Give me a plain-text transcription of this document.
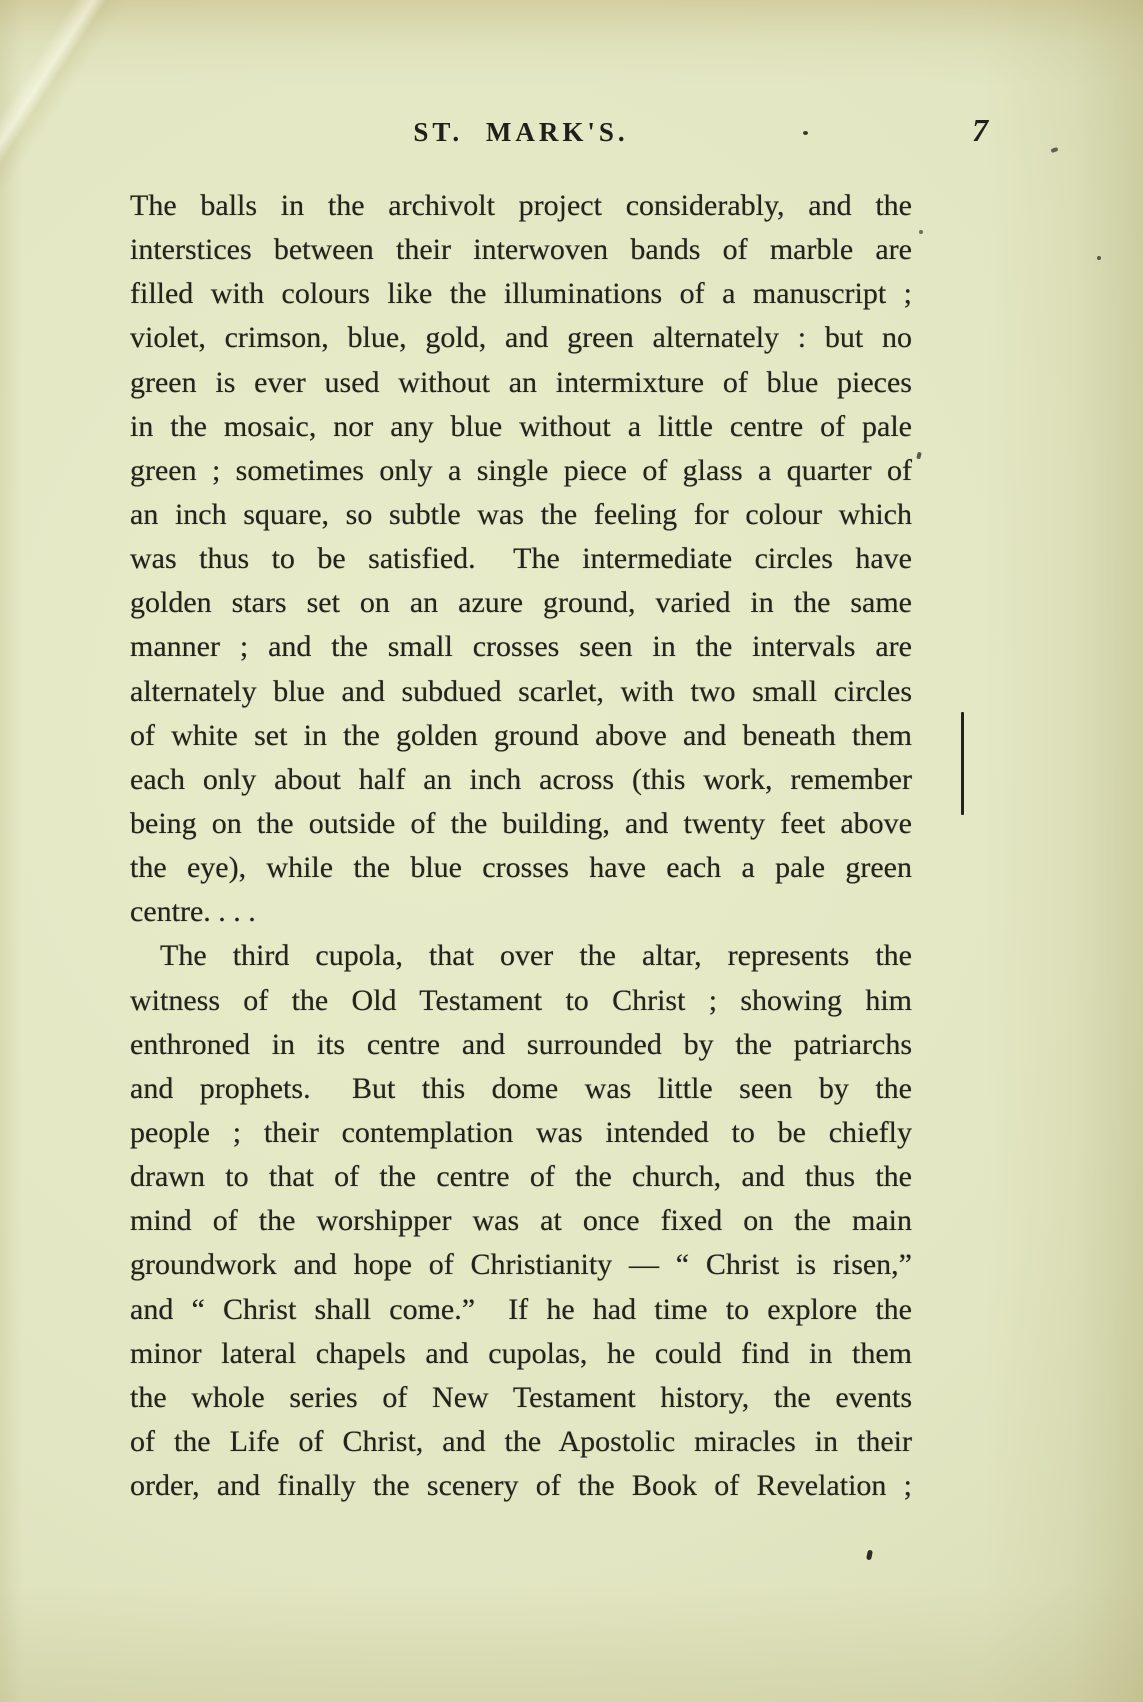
ST. MARK'S.	7
The balls in the archivolt project considerably, and the
interstices between their interwoven bands of marble are
filled with colours like the illuminations of a manuscript ;
violet, crimson, blue, gold, and green alternately : but no
green is ever used without an intermixture of blue pieces
in the mosaic, nor any blue without a little centre of pale
green ; sometimes only a single piece of glass a quarter of
an inch square, so subtle was the feeling for colour which
was thus to be satisfied.  The intermediate circles have
golden stars set on an azure ground, varied in the same
manner ; and the small crosses seen in the intervals are
alternately blue and subdued scarlet, with two small circles
of white set in the golden ground above and beneath them
each only about half an inch across (this work, remember
being on the outside of the building, and twenty feet above
the eye), while the blue crosses have each a pale green
centre. . . .
The third cupola, that over the altar, represents the
witness of the Old Testament to Christ ; showing him
enthroned in its centre and surrounded by the patriarchs
and prophets.  But this dome was little seen by the
people ; their contemplation was intended to be chiefly
drawn to that of the centre of the church, and thus the
mind of the worshipper was at once fixed on the main
groundwork and hope of Christianity — “ Christ is risen,”
and “ Christ shall come.”  If he had time to explore the
minor lateral chapels and cupolas, he could find in them
the whole series of New Testament history, the events
of the Life of Christ, and the Apostolic miracles in their
order, and finally the scenery of the Book of Revelation ;
